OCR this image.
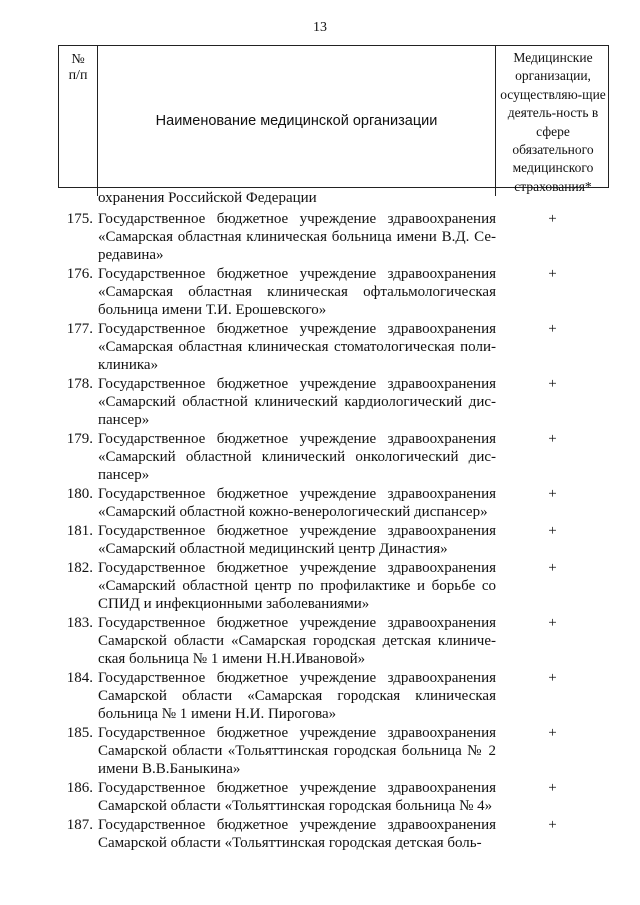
13
№
п/п
Наименование медицинской организации
Медицинские организации, осуществляю-щие деятель-ность в сфере обязательного медицинского страхования*
охранения Российской Федерации
175. Государственное бюджетное учреждение здравоохранения «Самарская областная клиническая больница имени В.Д. Се-редавина»
+
176. Государственное бюджетное учреждение здравоохранения «Самарская областная клиническая офтальмологическая больница имени Т.И. Ерошевского»
+
177. Государственное бюджетное учреждение здравоохранения «Самарская областная клиническая стоматологическая поли-клиника»
+
178. Государственное бюджетное учреждение здравоохранения «Самарский областной клинический кардиологический дис-пансер»
+
179. Государственное бюджетное учреждение здравоохранения «Самарский областной клинический онкологический дис-пансер»
+
180. Государственное бюджетное учреждение здравоохранения «Самарский областной кожно-венерологический диспансер»
+
181. Государственное бюджетное учреждение здравоохранения «Самарский областной медицинский центр Династия»
+
182. Государственное бюджетное учреждение здравоохранения «Самарский областной центр по профилактике и борьбе со СПИД и инфекционными заболеваниями»
+
183. Государственное бюджетное учреждение здравоохранения Самарской области «Самарская городская детская клиниче-ская больница № 1 имени Н.Н.Ивановой»
+
184. Государственное бюджетное учреждение здравоохранения Самарской области «Самарская городская клиническая больница № 1 имени Н.И. Пирогова»
+
185. Государственное бюджетное учреждение здравоохранения Самарской области «Тольяттинская городская больница № 2 имени В.В.Баныкина»
+
186. Государственное бюджетное учреждение здравоохранения Самарской области «Тольяттинская городская больница № 4»
+
187. Государственное бюджетное учреждение здравоохранения Самарской области «Тольяттинская городская детская боль-
+
